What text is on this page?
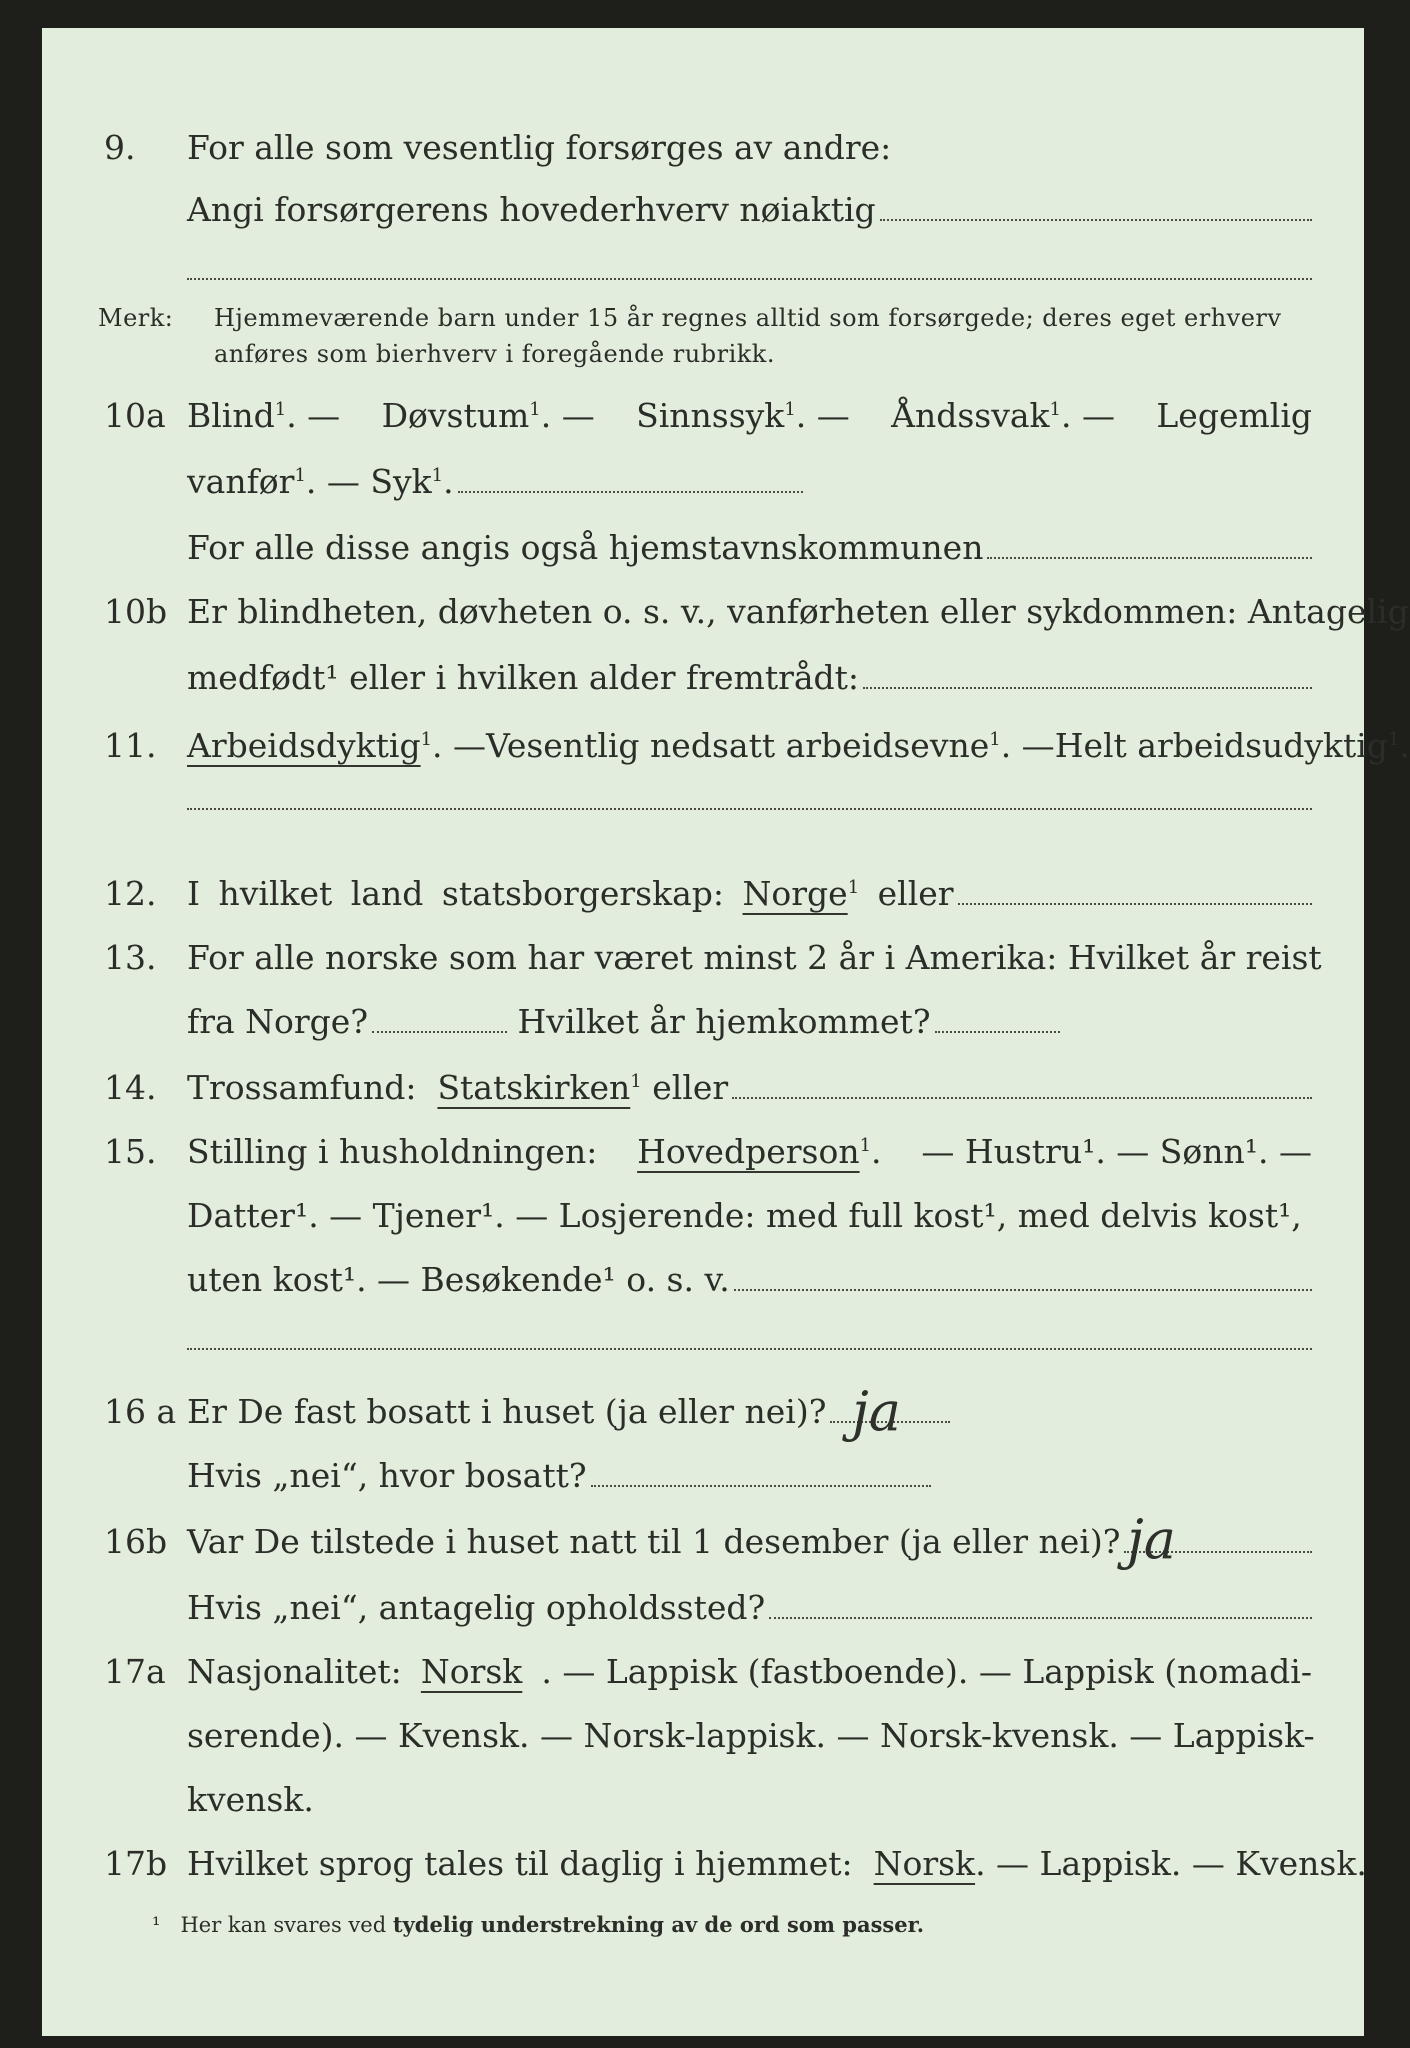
9.	For alle som vesentlig forsørges av andre:
Angi forsørgerens hovederhverv nøiaktig
Merk: Hjemmeværende barn under 15 år regnes alltid som forsørgede; deres eget erhverv anføres som bierhverv i foregående rubrikk.
10a Blind$^1$. — Døvstum$^1$. — Sinnssyk$^1$. — Åndssvak$^1$. — Legemlig
vanfør$^1$. — Syk$^1$.
For alle disse angis også hjemstavnskommunen
10b Er blindheten, døvheten o. s. v., vanførheten eller sykdommen: Antagelig
medfødt¹ eller i hvilken alder fremtrådt:
11. Arbeidsdyktig$^1$. — Vesentlig nedsatt arbeidsevne$^1$. — Helt arbeidsudyktig$^1$.
12. I hvilket land statsborgerskap:
Norge$^1$
eller
13. For alle norske som har været minst 2 år i Amerika: Hvilket år reist
fra Norge?	Hvilket år hjemkommet?
14. Trossamfund:
Statskirken$^1$
eller
15. Stilling i husholdningen: Hovedperson$^1$. — Hustru¹. — Sønn¹. —
Datter¹. — Tjener¹. — Losjerende: med full kost¹, med delvis kost¹,
uten kost¹. — Besøkende¹ o. s. v.
16 a Er De fast bosatt i huset (ja eller nei)? ja
Hvis „nei“, hvor bosatt?
16b Var De tilstede i huset natt til 1 desember (ja eller nei)? ja
Hvis „nei“, antagelig opholdssted?
17a Nasjonalitet: Norsk . — Lappisk (fastboende). — Lappisk (nomadi-
serende). — Kvensk. — Norsk-lappisk. — Norsk-kvensk. — Lappisk-
kvensk.
17b Hvilket sprog tales til daglig i hjemmet: Norsk. — Lappisk. — Kvensk.
¹ Her kan svares ved tydelig understrekning av de ord som passer.
